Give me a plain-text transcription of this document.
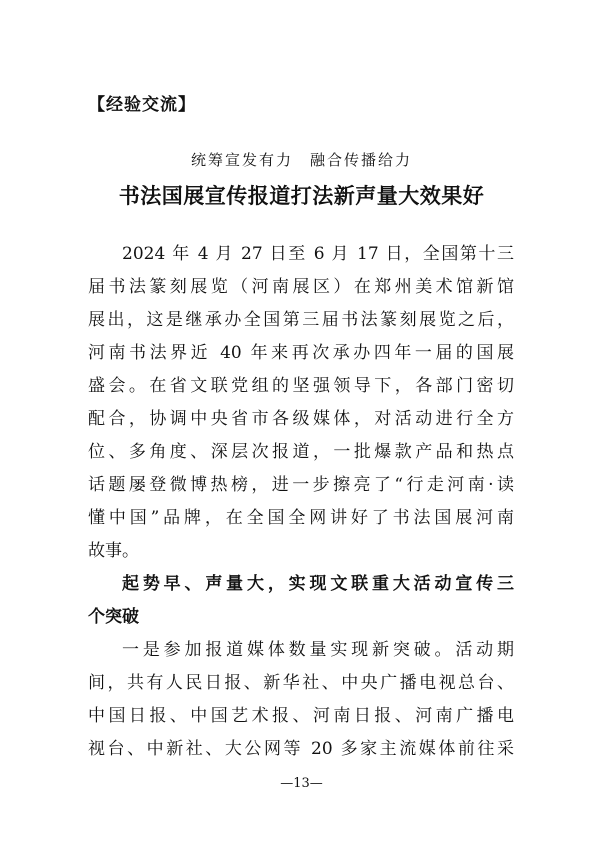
【经验交流】
统筹宣发有力　融合传播给力
书法国展宣传报道打法新声量大效果好
2024 年 4 月 27 日至 6 月 17 日，全国第十三
届书法篆刻展览（河南展区）在郑州美术馆新馆
展出，这是继承办全国第三届书法篆刻展览之后，
河南书法界近 40 年来再次承办四年一届的国展
盛会。在省文联党组的坚强领导下，各部门密切
配合，协调中央省市各级媒体，对活动进行全方
位、多角度、深层次报道，一批爆款产品和热点
话题屡登微博热榜，进一步擦亮了“行走河南·读
懂中国”品牌，在全国全网讲好了书法国展河南
故事。
起势早、声量大，实现文联重大活动宣传三
个突破
一是参加报道媒体数量实现新突破。活动期
间，共有人民日报、新华社、中央广播电视总台、
中国日报、中国艺术报、河南日报、河南广播电
视台、中新社、大公网等 20 多家主流媒体前往采
—13—
